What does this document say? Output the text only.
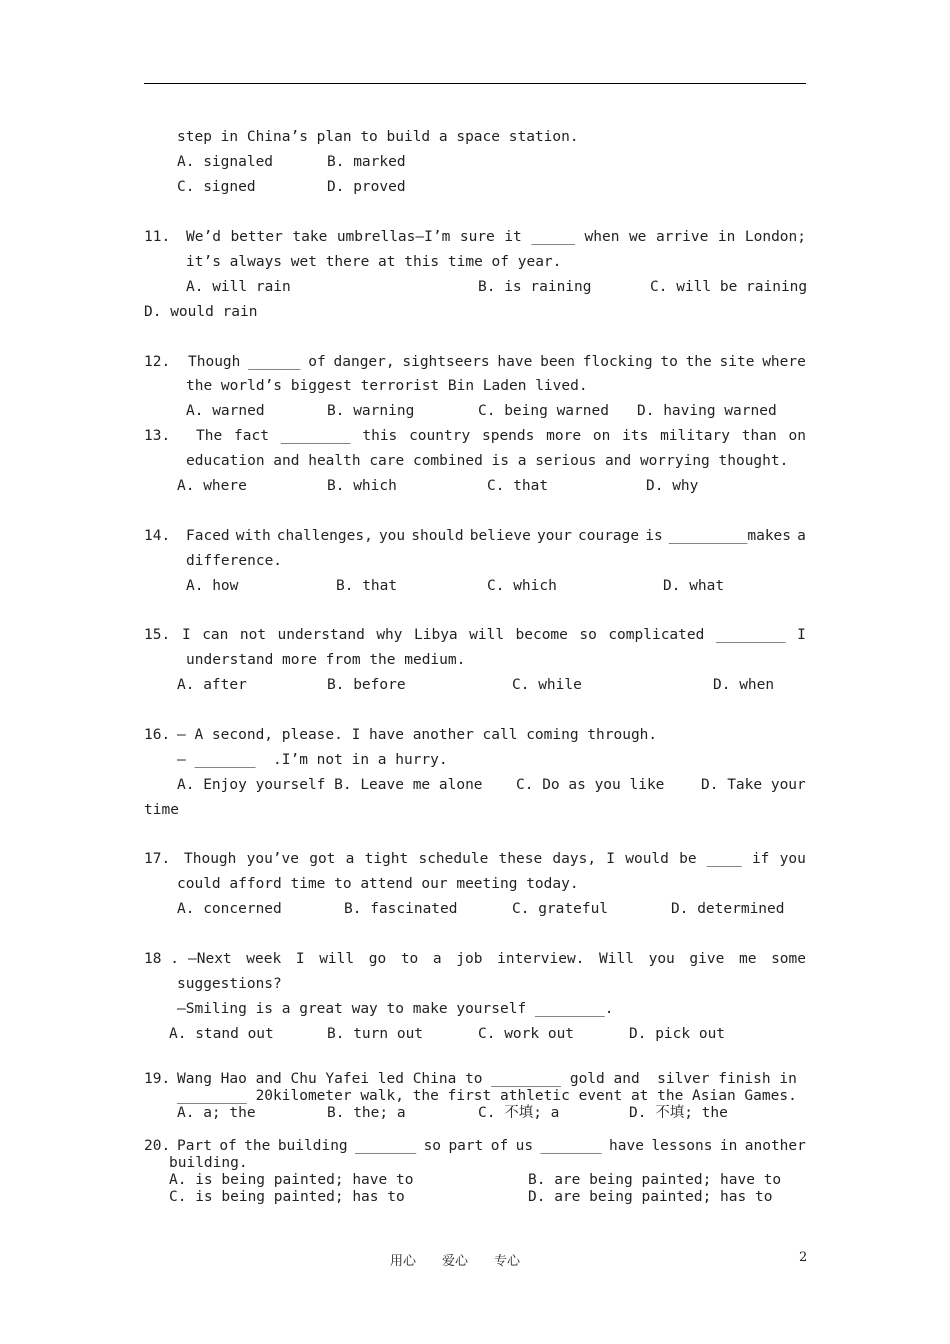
step in China’s plan to build a space station.
A. signaled	B. marked
C. signed	D. proved
11. We’d better take umbrellas—I’m sure it _____ when we arrive in London;
it’s always wet there at this time of year.
A. will rain	B. is raining	C. will be raining
D. would rain
12. Though ______ of danger, sightseers have been flocking to the site where
the world’s biggest terrorist Bin Laden lived.
A. warned	B. warning	C. being warned D. having warned
13. The fact ________ this country spends more on its military than on
education and health care combined is a serious and worrying thought.
A. where	B. which	C. that	D. why
14. Faced with challenges, you should believe your courage is _________makes a
difference.
A. how	B. that	C. which	D. what
15. I can not understand why Libya will become so complicated ________ I
understand more from the medium.
A. after	B. before	C. while	D. when
16. — A second, please. I have another call coming through.
— _______  .I’m not in a hurry.
A. Enjoy yourself B. Leave me alone C. Do as you like	D. Take your
time
17. Though you’ve got a tight schedule these days, I would be ____ if you
could afford time to attend our meeting today.
A. concerned	B. fascinated	C. grateful	D. determined
18 . —Next week I will go to a job interview. Will you give me some
suggestions?
—Smiling is a great way to make yourself ________.
A. stand out	B. turn out	C. work out	D. pick out
19. Wang Hao and Chu Yafei led China to ________ gold and  silver finish in
________ 20kilometer walk, the first athletic event at the Asian Games.
A. a; the	B. the; a	C. 不填; a	D. 不填; the
20. Part of the building _______ so part of us _______ have lessons in another
building.
A. is being painted; have to	B. are being painted; have to
C. is being painted; has to	D. are being painted; has to
用心 爱心 专心	2
